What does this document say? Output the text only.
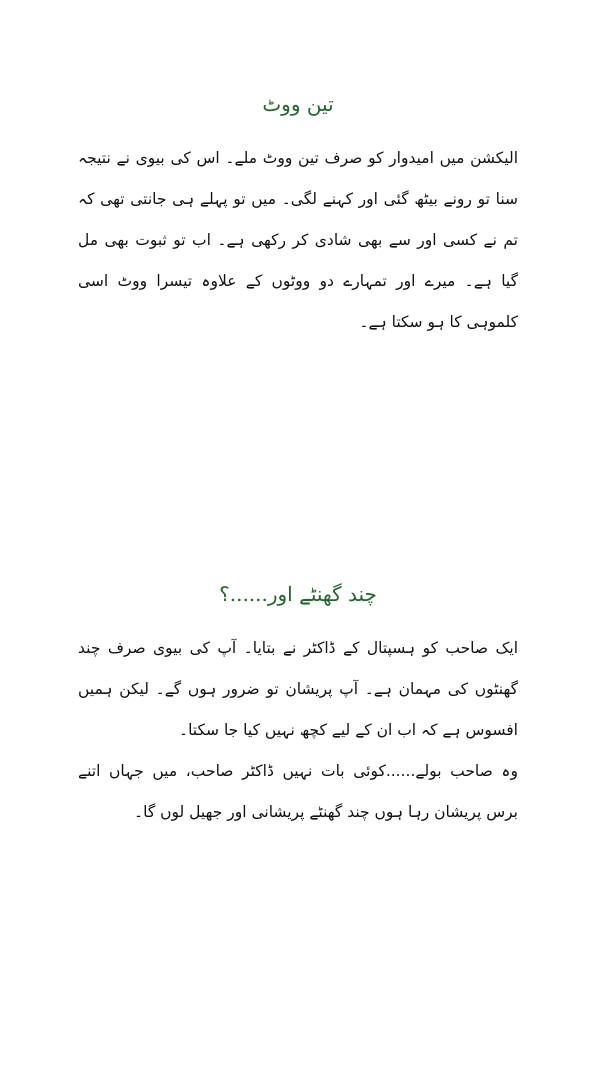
تین ووٹ

الیکشن میں امیدوار کو صرف تین ووٹ ملے۔ اس کی بیوی نے نتیجہ سنا تو رونے بیٹھ گئی اور کہنے لگی۔ میں تو پہلے ہی جانتی تھی کہ تم نے کسی اور سے بھی شادی کر رکھی ہے۔ اب تو ثبوت بھی مل گیا ہے۔ میرے اور تمہارے دو ووٹوں کے علاوہ تیسرا ووٹ اسی کلموہی کا ہو سکتا ہے۔

چند گھنٹے اور......؟

ایک صاحب کو ہسپتال کے ڈاکٹر نے بتایا۔ آپ کی بیوی صرف چند گھنٹوں کی مہمان ہے۔ آپ پریشان تو ضرور ہوں گے۔ لیکن ہمیں افسوس ہے کہ اب ان کے لیے کچھ نہیں کیا جا سکتا۔

وہ صاحب بولے......کوئی بات نہیں ڈاکٹر صاحب، میں جہاں اتنے برس پریشان رہا ہوں چند گھنٹے پریشانی اور جھیل لوں گا۔
